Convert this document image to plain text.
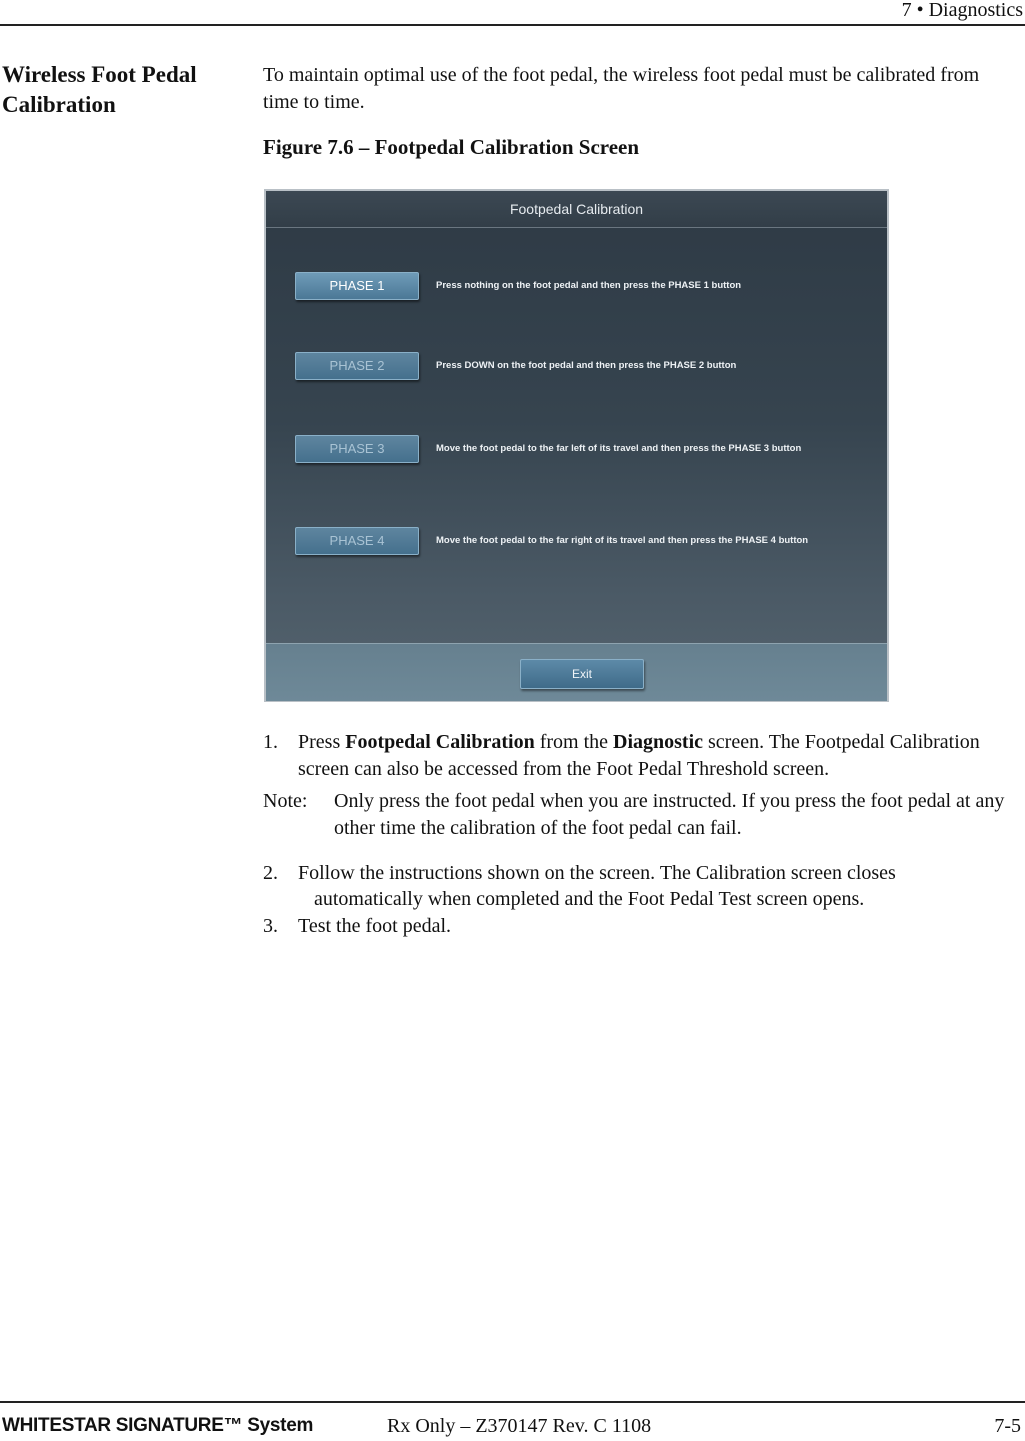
7 • Diagnostics
Wireless Foot Pedal
Calibration
To maintain optimal use of the foot pedal, the wireless foot pedal must be calibrated from time to time.
Figure 7.6 – Footpedal Calibration Screen
Footpedal Calibration
PHASE 1	Press nothing on the foot pedal and then press the PHASE 1 button
PHASE 2	Press DOWN on the foot pedal and then press the PHASE 2 button
PHASE 3	Move the foot pedal to the far left of its travel and then press the PHASE 3 button
PHASE 4	Move the foot pedal to the far right of its travel and then press the PHASE 4 button
Exit
1. Press Footpedal Calibration from the Diagnostic screen. The Footpedal Calibration screen can also be accessed from the Foot Pedal Threshold screen.
Note: Only press the foot pedal when you are instructed. If you press the foot pedal at any other time the calibration of the foot pedal can fail.
2. Follow the instructions shown on the screen. The Calibration screen closes
automatically when completed and the Foot Pedal Test screen opens.
3. Test the foot pedal.
WHITESTAR SIGNATURE™ System	Rx Only – Z370147 Rev. C 1108	7-5
